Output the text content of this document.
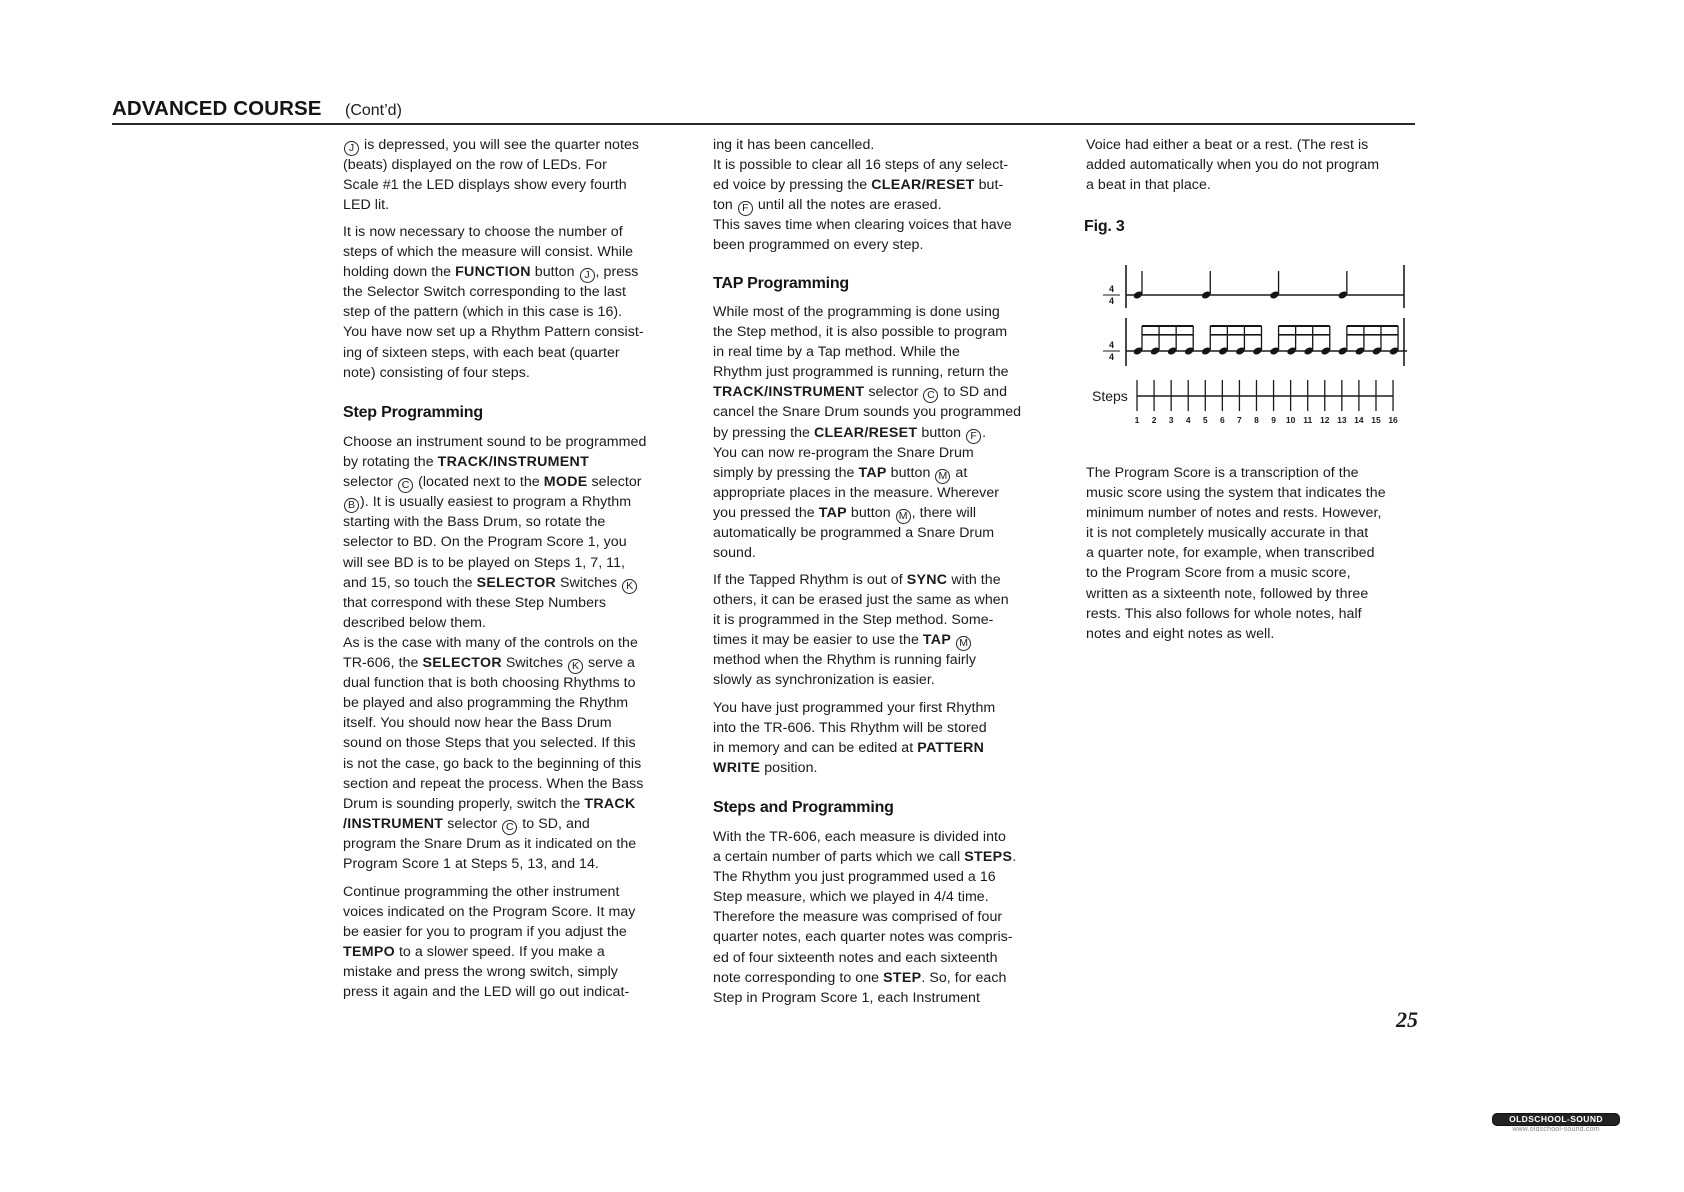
ADVANCED COURSE (Cont’d)
J is depressed, you will see the quarter notes
(beats) displayed on the row of LEDs. For
Scale #1 the LED displays show every fourth
LED lit.
It is now necessary to choose the number of
steps of which the measure will consist. While
holding down the FUNCTION button J , press
the Selector Switch corresponding to the last
step of the pattern (which in this case is 16).
You have now set up a Rhythm Pattern consist-
ing of sixteen steps, with each beat (quarter
note) consisting of four steps.
Step Programming
Choose an instrument sound to be programmed
by rotating the TRACK/INSTRUMENT
selector C (located next to the MODE selector
B ). It is usually easiest to program a Rhythm
starting with the Bass Drum, so rotate the
selector to BD. On the Program Score 1, you
will see BD is to be played on Steps 1, 7, 11,
and 15, so touch the SELECTOR Switches K
that correspond with these Step Numbers
described below them.
As is the case with many of the controls on the
TR-606, the SELECTOR Switches K serve a
dual function that is both choosing Rhythms to
be played and also programming the Rhythm
itself. You should now hear the Bass Drum
sound on those Steps that you selected. If this
is not the case, go back to the beginning of this
section and repeat the process. When the Bass
Drum is sounding properly, switch the TRACK
/INSTRUMENT selector C to SD, and
program the Snare Drum as it indicated on the
Program Score 1 at Steps 5, 13, and 14.
Continue programming the other instrument
voices indicated on the Program Score. It may
be easier for you to program if you adjust the
TEMPO to a slower speed. If you make a
mistake and press the wrong switch, simply
press it again and the LED will go out indicat-
ing it has been cancelled.
It is possible to clear all 16 steps of any select-
ed voice by pressing the CLEAR/RESET but-
ton F until all the notes are erased.
This saves time when clearing voices that have
been programmed on every step.
TAP Programming
While most of the programming is done using
the Step method, it is also possible to program
in real time by a Tap method. While the
Rhythm just programmed is running, return the
TRACK/INSTRUMENT selector C to SD and
cancel the Snare Drum sounds you programmed
by pressing the CLEAR/RESET button F .
You can now re-program the Snare Drum
simply by pressing the TAP button M at
appropriate places in the measure. Wherever
you pressed the TAP button M , there will
automatically be programmed a Snare Drum
sound.
If the Tapped Rhythm is out of SYNC with the
others, it can be erased just the same as when
it is programmed in the Step method. Some-
times it may be easier to use the TAP M
method when the Rhythm is running fairly
slowly as synchronization is easier.
You have just programmed your first Rhythm
into the TR-606. This Rhythm will be stored
in memory and can be edited at PATTERN
WRITE position.
Steps and Programming
With the TR-606, each measure is divided into
a certain number of parts which we call STEPS.
The Rhythm you just programmed used a 16
Step measure, which we played in 4/4 time.
Therefore the measure was comprised of four
quarter notes, each quarter notes was compris-
ed of four sixteenth notes and each sixteenth
note corresponding to one STEP. So, for each
Step in Program Score 1, each Instrument
Voice had either a beat or a rest. (The rest is
added automatically when you do not program
a beat in that place.
Fig. 3
4
4
4
4
Steps
1 2 3 4 5 6 7 8 9 10 11 12 13 14 15 16
The Program Score is a transcription of the
music score using the system that indicates the
minimum number of notes and rests. However,
it is not completely musically accurate in that
a quarter note, for example, when transcribed
to the Program Score from a music score,
written as a sixteenth note, followed by three
rests. This also follows for whole notes, half
notes and eight notes as well.
25
OLDSCHOOL-SOUND
www.oldschool-sound.com
